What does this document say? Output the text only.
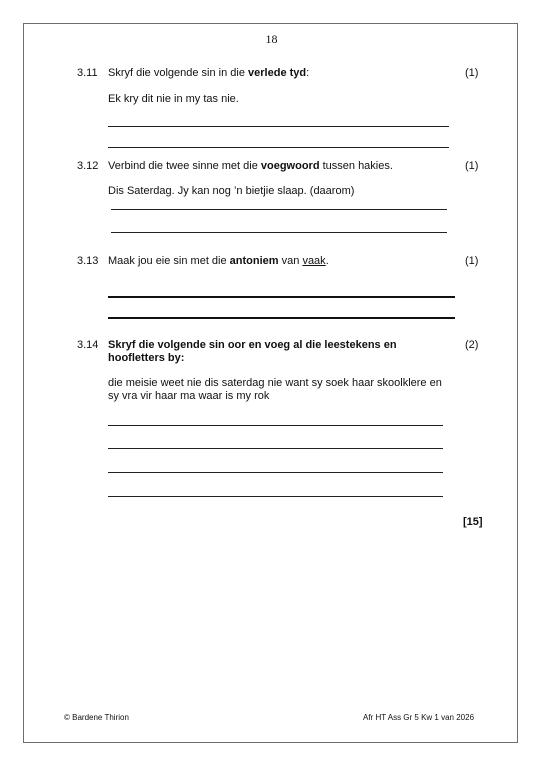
18
3.11 Skryf die volgende sin in die verlede tyd:	(1)
Ek kry dit nie in my tas nie.
3.12 Verbind die twee sinne met die voegwoord tussen hakies.	(1)
Dis Saterdag. Jy kan nog ’n bietjie slaap. (daarom)
3.13 Maak jou eie sin met die antoniem van vaak.	(1)
3.14 Skryf die volgende sin oor en voeg al die leestekens en hoofletters by:
(2)
die meisie weet nie dis saterdag nie want sy soek haar skoolklere en sy vra vir haar ma waar is my rok
[15]
© Bardene Thirion	Afr HT Ass Gr 5 Kw 1 van 2026
